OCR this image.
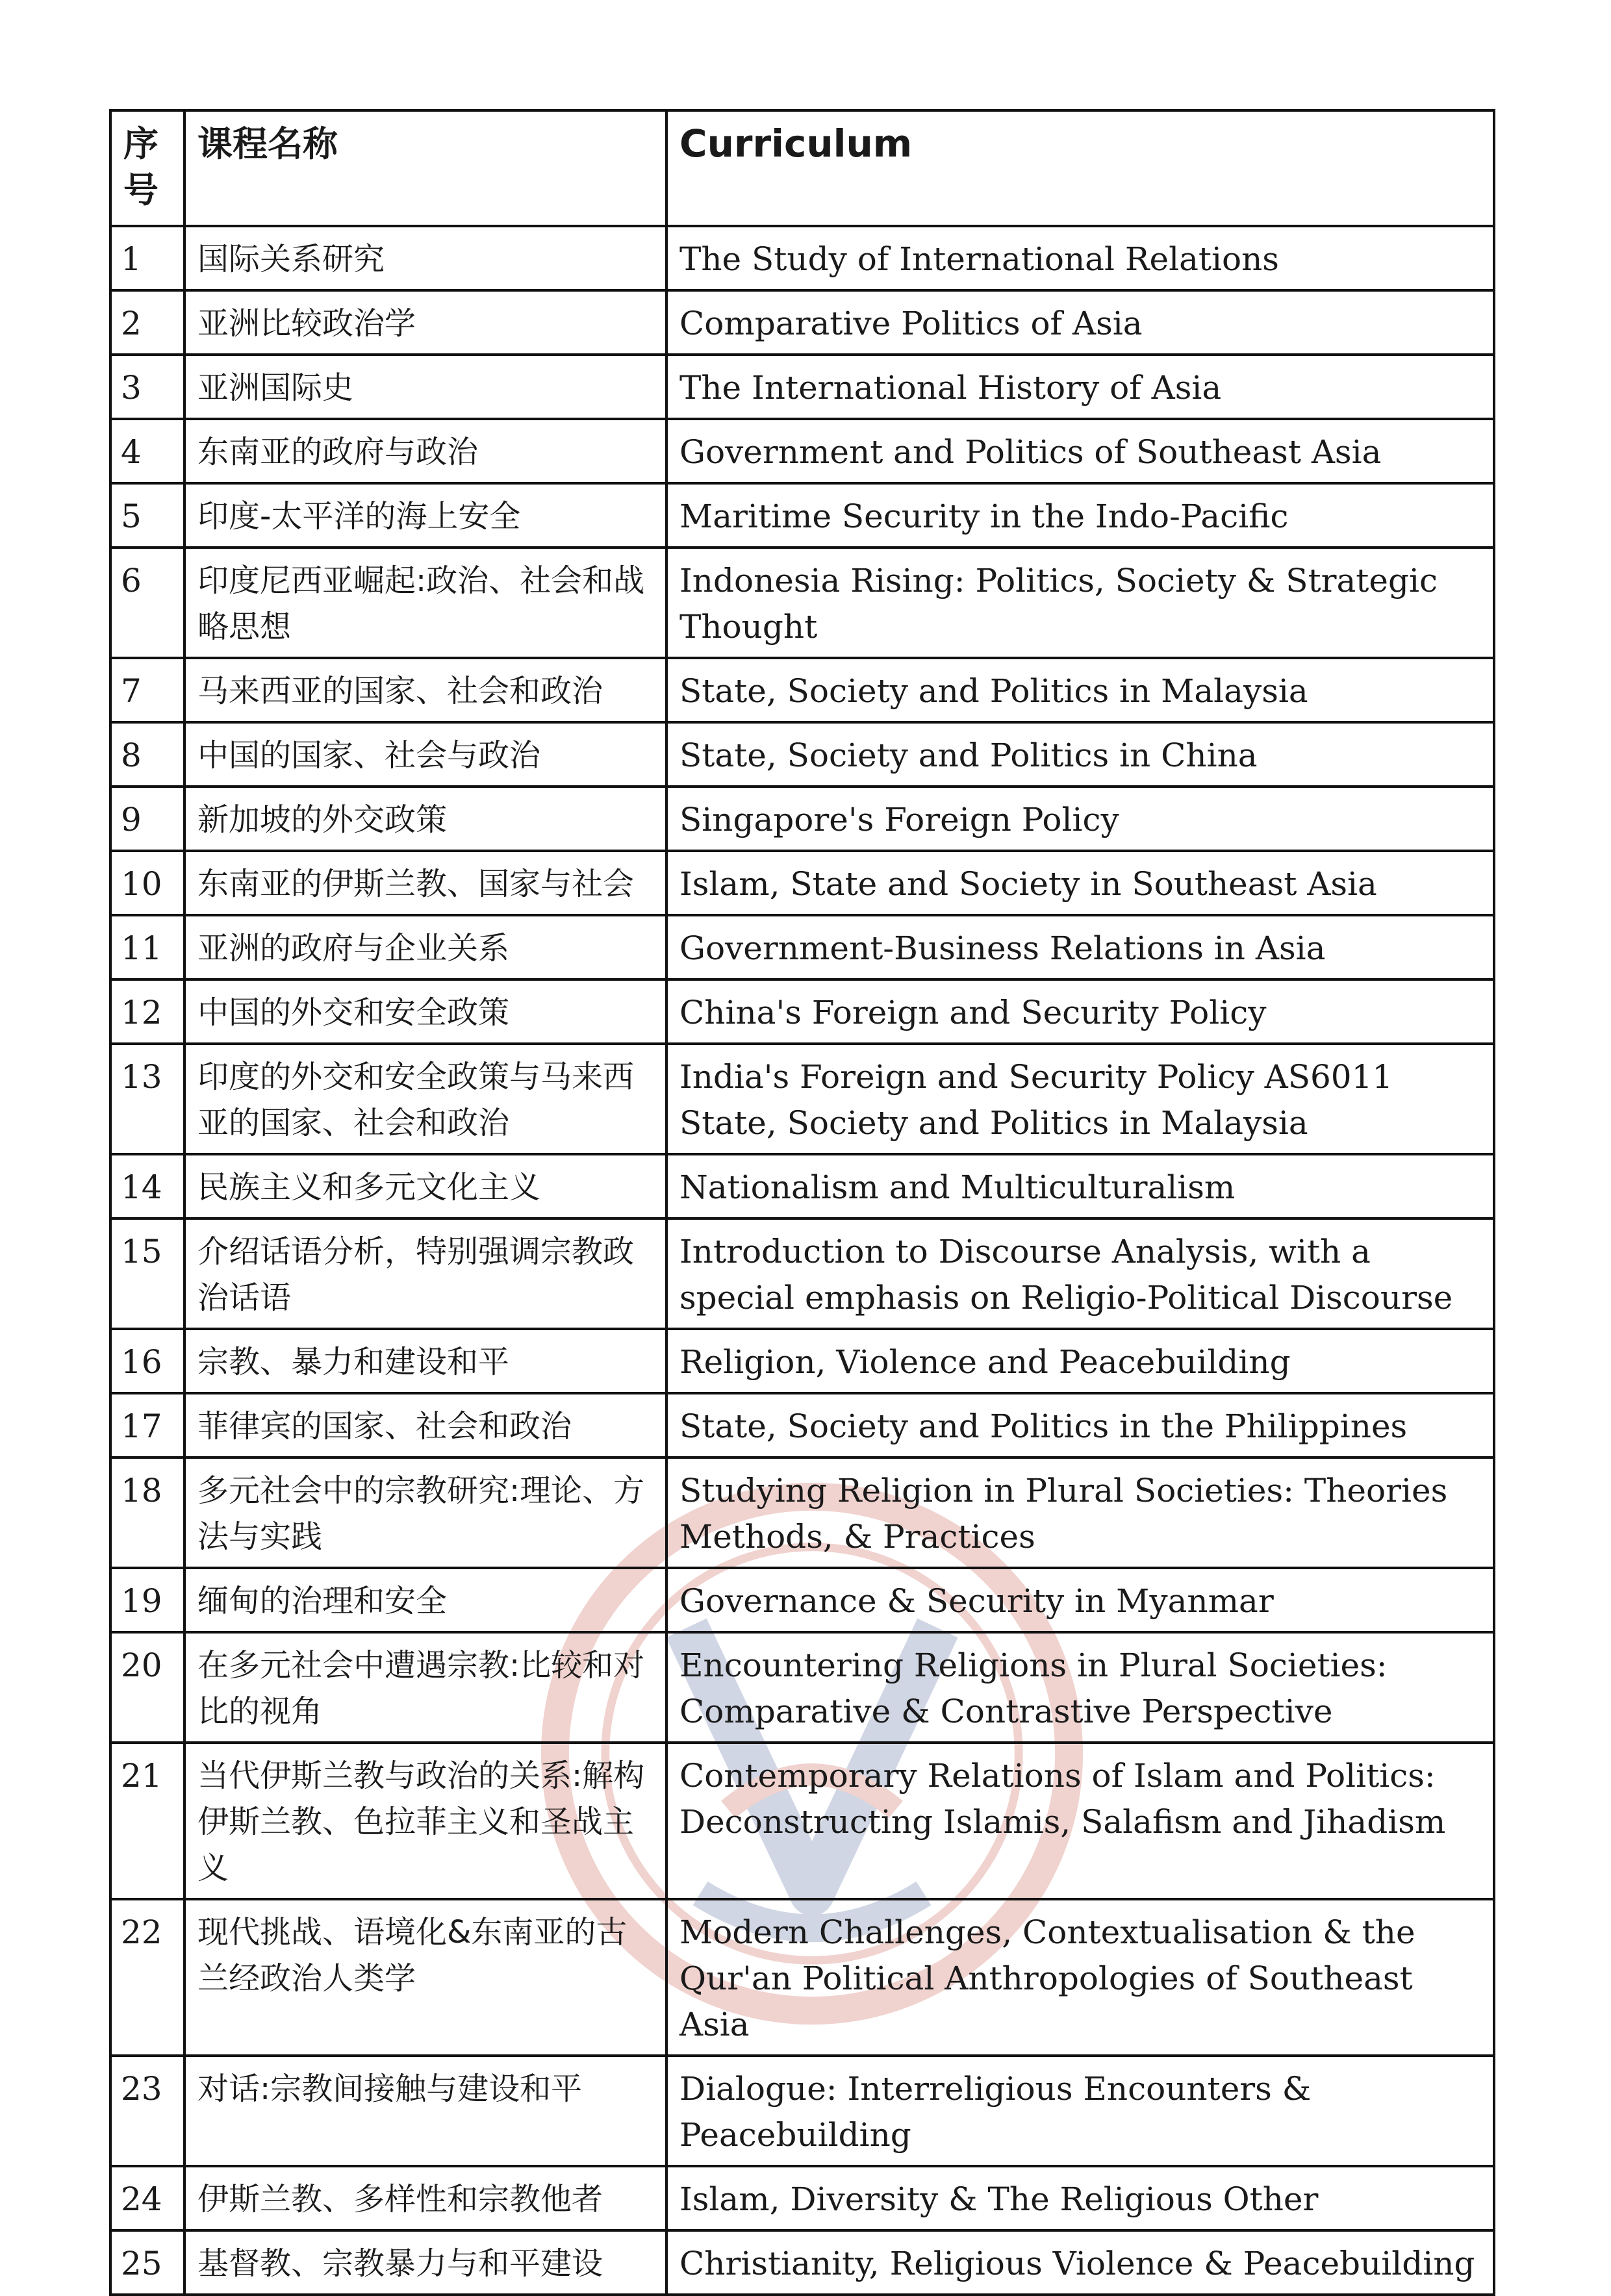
序号	课程名称	Curriculum
1	国际关系研究	The Study of International Relations
2	亚洲比较政治学	Comparative Politics of Asia
3	亚洲国际史	The International History of Asia
4	东南亚的政府与政治	Government and Politics of Southeast Asia
5	印度-太平洋的海上安全	Maritime Security in the Indo-Pacific
6	印度尼西亚崛起:政治、社会和战略思想	Indonesia Rising: Politics, Society & Strategic Thought
7	马来西亚的国家、社会和政治	State, Society and Politics in Malaysia
8	中国的国家、社会与政治	State, Society and Politics in China
9	新加坡的外交政策	Singapore's Foreign Policy
10	东南亚的伊斯兰教、国家与社会	Islam, State and Society in Southeast Asia
11	亚洲的政府与企业关系	Government-Business Relations in Asia
12	中国的外交和安全政策	China's Foreign and Security Policy
13	印度的外交和安全政策与马来西亚的国家、社会和政治	India's Foreign and Security Policy AS6011 State, Society and Politics in Malaysia
14	民族主义和多元文化主义	Nationalism and Multiculturalism
15	介绍话语分析，特别强调宗教政治话语	Introduction to Discourse Analysis, with a special emphasis on Religio-Political Discourse
16	宗教、暴力和建设和平	Religion, Violence and Peacebuilding
17	菲律宾的国家、社会和政治	State, Society and Politics in the Philippines
18	多元社会中的宗教研究:理论、方法与实践	Studying Religion in Plural Societies: Theories Methods, & Practices
19	缅甸的治理和安全	Governance & Security in Myanmar
20	在多元社会中遭遇宗教:比较和对比的视角	Encountering Religions in Plural Societies: Comparative & Contrastive Perspective
21	当代伊斯兰教与政治的关系:解构伊斯兰教、色拉菲主义和圣战主义	Contemporary Relations of Islam and Politics: Deconstructing Islamis, Salafism and Jihadism
22	现代挑战、语境化&东南亚的古兰经政治人类学	Modern Challenges, Contextualisation & the Qur'an Political Anthropologies of Southeast Asia
23	对话:宗教间接触与建设和平	Dialogue: Interreligious Encounters & Peacebuilding
24	伊斯兰教、多样性和宗教他者	Islam, Diversity & The Religious Other
25	基督教、宗教暴力与和平建设	Christianity, Religious Violence & Peacebuilding
